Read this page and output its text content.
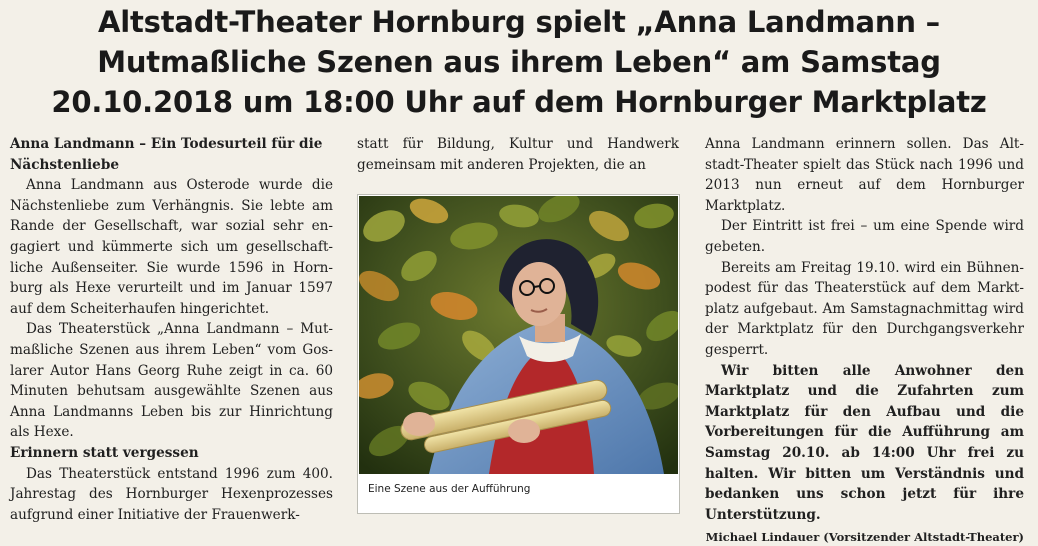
Altstadt-Theater Hornburg spielt „Anna Landmann –
Mutmaßliche Szenen aus ihrem Leben“ am Samstag
20.10.2018 um 18:00 Uhr auf dem Hornburger Marktplatz

Anna Landmann – Ein Todesurteil für die Nächstenliebe

Anna Landmann aus Osterode wurde die Nächstenliebe zum Verhängnis. Sie lebte am Rande der Gesellschaft, war sozial sehr engagiert und kümmerte sich um gesellschaftliche Außenseiter. Sie wurde 1596 in Hornburg als Hexe verurteilt und im Januar 1597 auf dem Scheiterhaufen hingerichtet.

Das Theaterstück „Anna Landmann – Mutmaßliche Szenen aus ihrem Leben“ vom Goslarer Autor Hans Georg Ruhe zeigt in ca. 60 Minuten behutsam ausgewählte Szenen aus Anna Landmanns Leben bis zur Hinrichtung als Hexe.

Erinnern statt vergessen

Das Theaterstück entstand 1996 zum 400. Jahrestag des Hornburger Hexenprozesses aufgrund einer Initiative der Frauenwerk-

statt für Bildung, Kultur und Handwerk gemeinsam mit anderen Projekten, die an

Eine Szene aus der Aufführung

Anna Landmann erinnern sollen. Das Altstadt-Theater spielt das Stück nach 1996 und 2013 nun erneut auf dem Hornburger Marktplatz.

Der Eintritt ist frei – um eine Spende wird gebeten.

Bereits am Freitag 19.10. wird ein Bühnenpodest für das Theaterstück auf dem Marktplatz aufgebaut. Am Samstagnachmittag wird der Marktplatz für den Durchgangsverkehr gesperrt.

Wir bitten alle Anwohner den Marktplatz und die Zufahrten zum Marktplatz für den Aufbau und die Vorbereitungen für die Aufführung am Samstag 20.10. ab 14:00 Uhr frei zu halten. Wir bitten um Verständnis und bedanken uns schon jetzt für ihre Unterstützung.

Michael Lindauer (Vorsitzender Altstadt-Theater)
